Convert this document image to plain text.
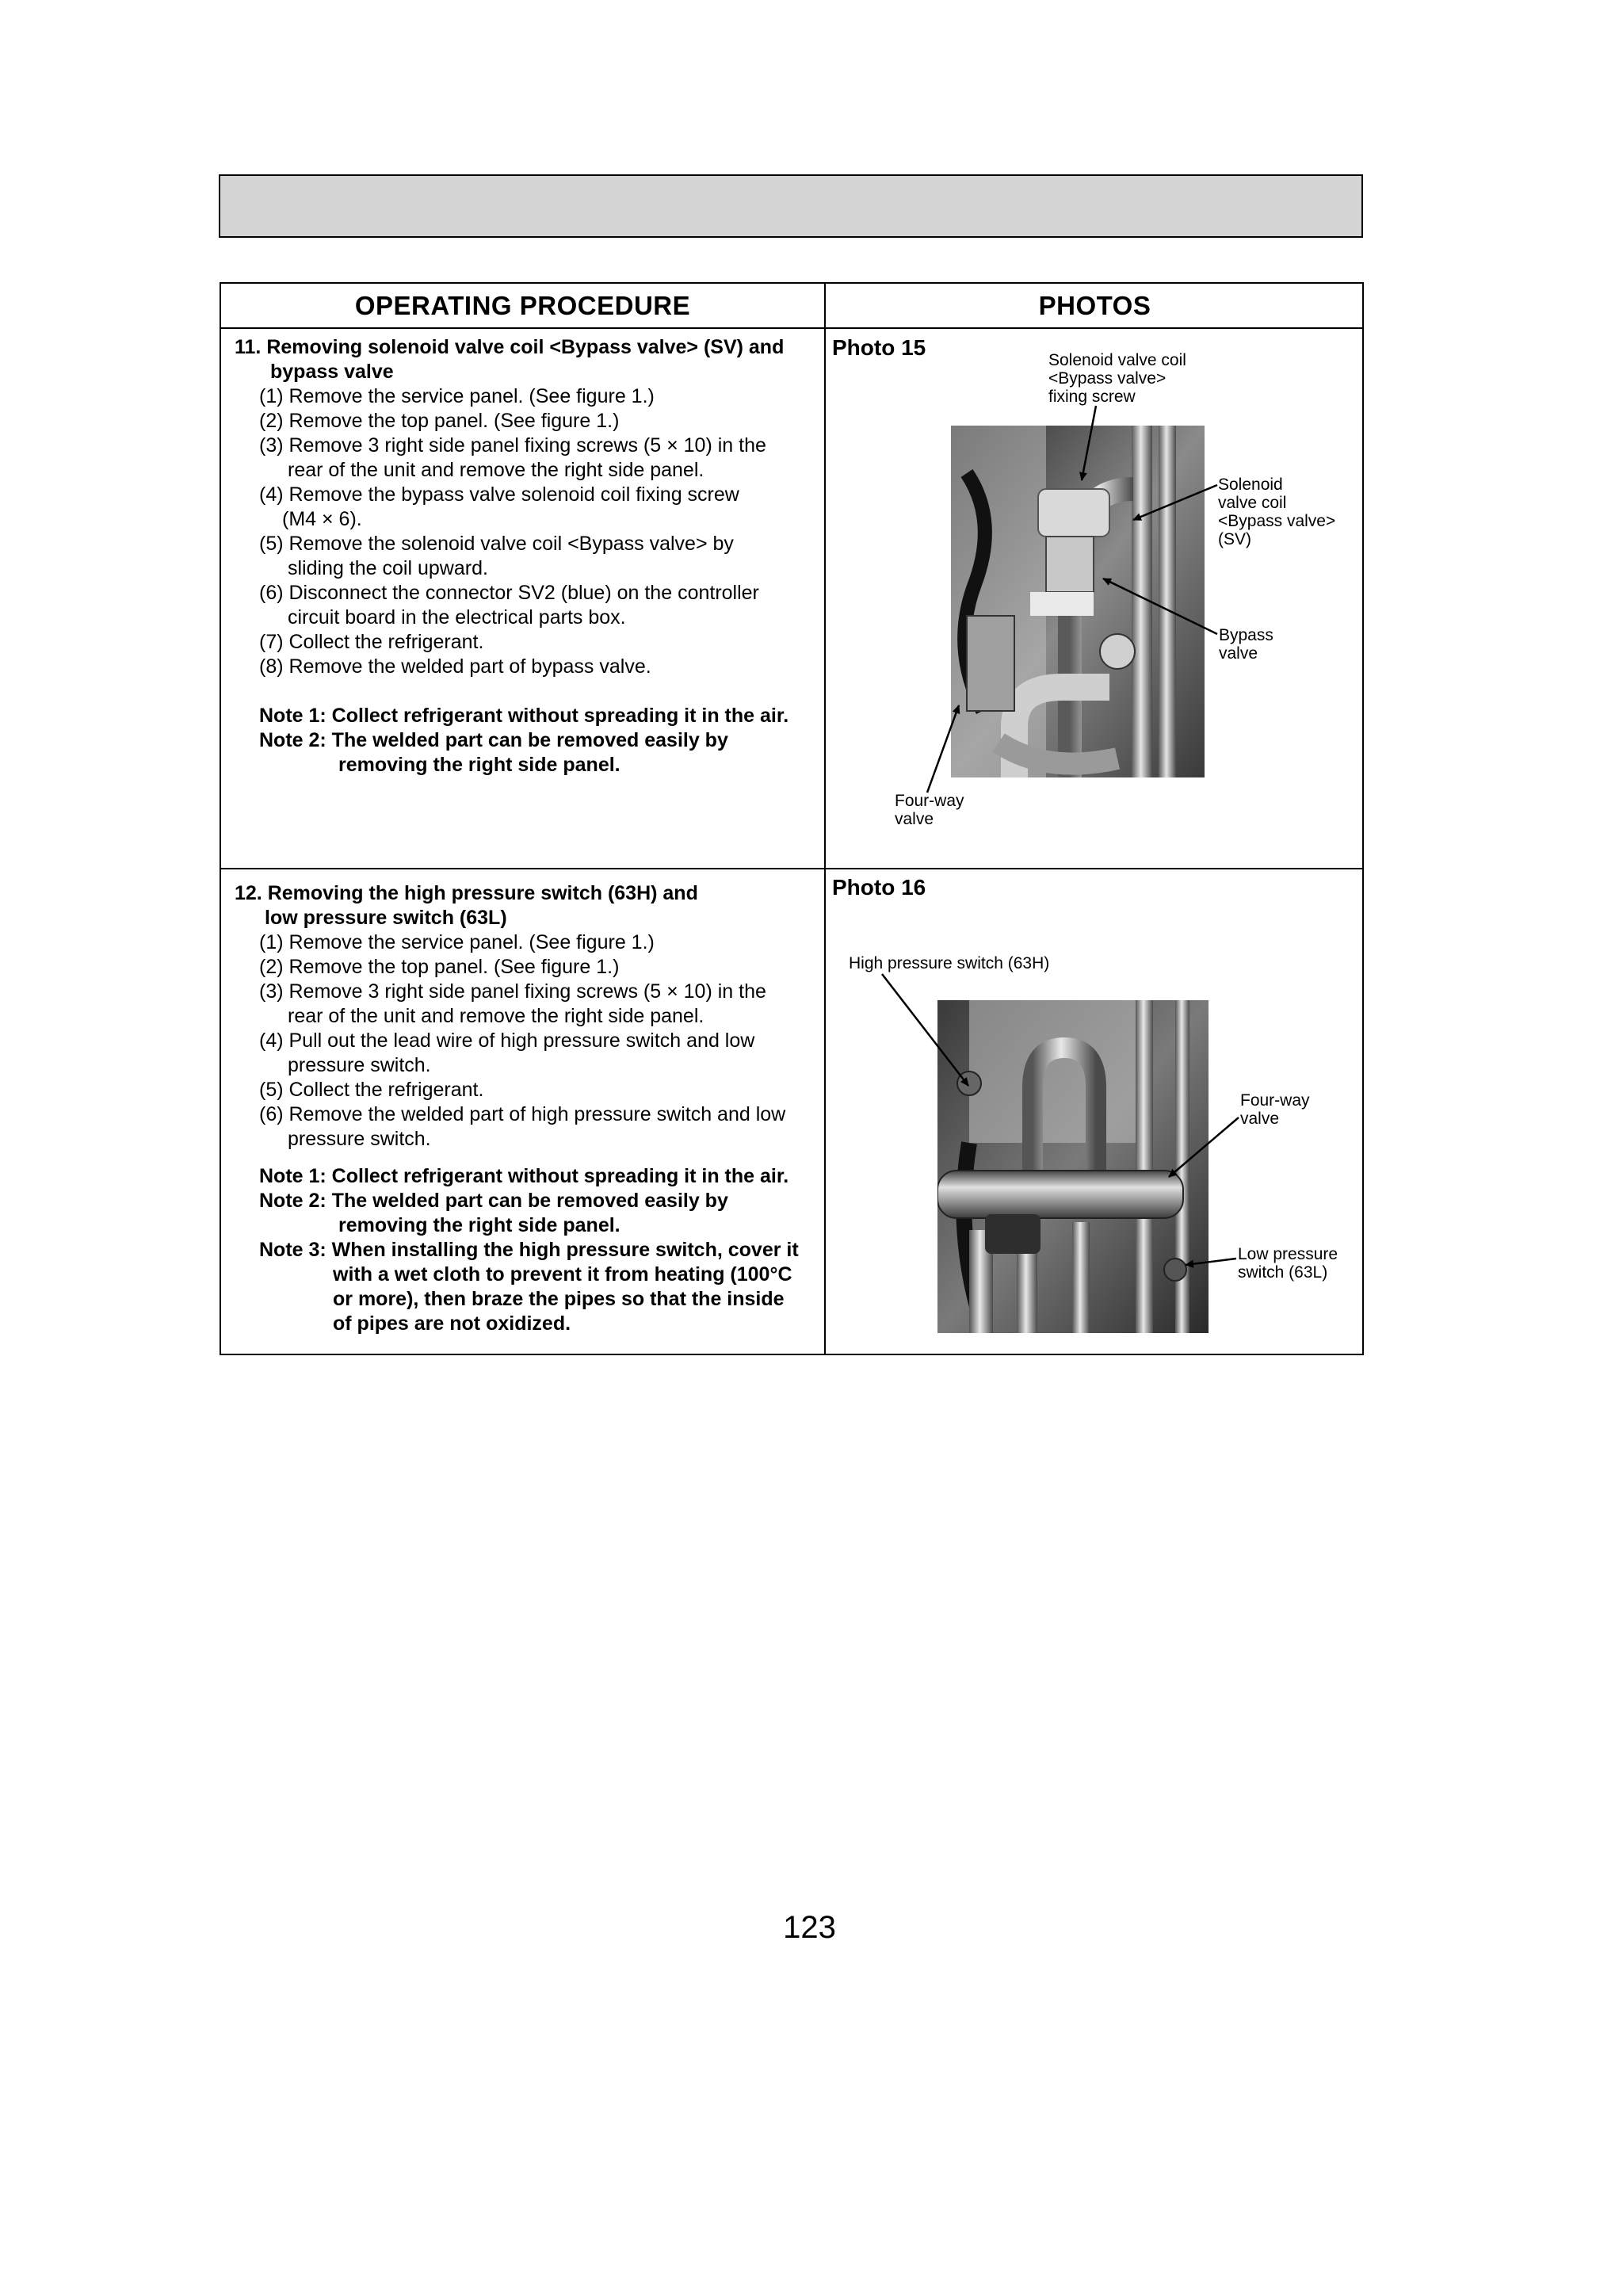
OPERATING PROCEDURE	PHOTOS
11. Removing solenoid valve coil <Bypass valve> (SV) and
bypass valve
(1) Remove the service panel. (See figure 1.)
(2) Remove the top panel. (See figure 1.)
(3) Remove 3 right side panel fixing screws (5 × 10) in the
rear of the unit and remove the right side panel.
(4) Remove the bypass valve solenoid coil fixing screw
(M4 × 6).
(5) Remove the solenoid valve coil <Bypass valve> by
sliding the coil upward.
(6) Disconnect the connector SV2 (blue) on the controller
circuit board in the electrical parts box.
(7) Collect the refrigerant.
(8) Remove the welded part of bypass valve.
Note 1: Collect refrigerant without spreading it in the air.
Note 2: The welded part can be removed easily by
removing the right side panel.
12. Removing the high pressure switch (63H) and
low pressure switch (63L)
(1) Remove the service panel. (See figure 1.)
(2) Remove the top panel. (See figure 1.)
(3) Remove 3 right side panel fixing screws (5 × 10) in the
rear of the unit and remove the right side panel.
(4) Pull out the lead wire of high pressure switch and low
pressure switch.
(5) Collect the refrigerant.
(6) Remove the welded part of high pressure switch and low
pressure switch.
Note 1: Collect refrigerant without spreading it in the air.
Note 2: The welded part can be removed easily by
removing the right side panel.
Note 3: When installing the high pressure switch, cover it
with a wet cloth to prevent it from heating (100°C
or more), then braze the pipes so that the inside
of pipes are not oxidized.
Photo 15
Photo 16
Solenoid valve coil
<Bypass valve>
fixing screw
Solenoid
valve coil
<Bypass valve>
(SV)
Bypass
valve
Four-way
valve
High pressure switch (63H)
Four-way
valve
Low pressure
switch (63L)
123
